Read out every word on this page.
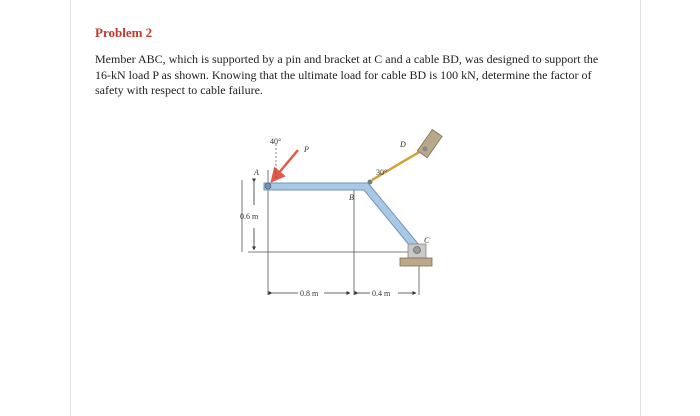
Problem 2
Member ABC, which is supported by a pin and bracket at C and a cable BD, was designed to support the 16-kN load P as shown. Knowing that the ultimate load for cable BD is 100 kN, determine the factor of safety with respect to cable failure.
0.6 m
0.8 m	0.4 m
40°
P
A
B
C
D
30°
